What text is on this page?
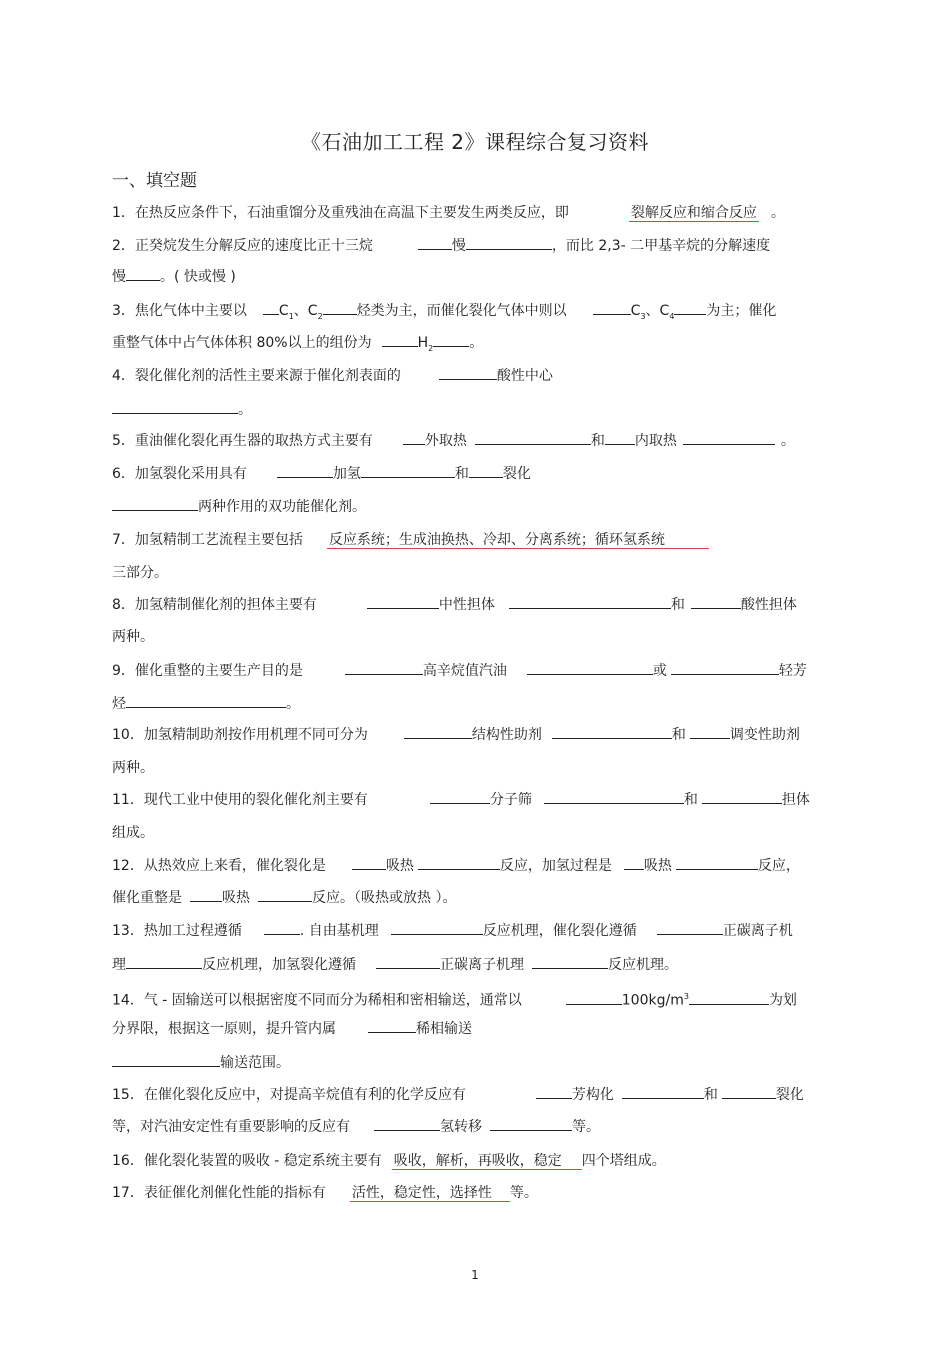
《石油加工工程 2》课程综合复习资料
一、填空题
1．在热反应条件下，石油重馏分及重残油在高温下主要发生两类反应，即	裂解反应和缩合反应 。
2．正癸烷发生分解反应的速度比正十三烷	慢	，而比 2,3- 二甲基辛烷的分解速度
慢 。( 快或慢 )
3．焦化气体中主要以 $C_1$、$C_2$ 烃类为主，而催化裂化气体中则以	$C_3$、$C_4$ 为主；催化
重整气体中占气体体积 80%以上的组份为	$H_2$	。
4．裂化催化剂的活性主要来源于催化剂表面的	酸性中心
。
5．重油催化裂化再生器的取热方式主要有	外取热	和 内取热	。
6．加氢裂化采用具有	加氢	和 裂化
两种作用的双功能催化剂。
7．加氢精制工艺流程主要包括 反应系统；生成油换热、冷却、分离系统；循环氢系统
三部分。
8．加氢精制催化剂的担体主要有	中性担体	和	酸性担体
两种。
9．催化重整的主要生产目的是	高辛烷值汽油	或	轻芳
烃	。
10．加氢精制助剂按作用机理不同可分为	结构性助剂	和	调变性助剂
两种。
11．现代工业中使用的裂化催化剂主要有	分子筛	和	担体
组成。
12．从热效应上来看，催化裂化是	吸热	反应，加氢过程是 吸热	反应，
催化重整是	吸热	反应。（吸热或放热 ）。
13．热加工过程遵循	. 自由基机理	反应机理，催化裂化遵循	正碳离子机
理	反应机理，加氢裂化遵循	正碳离子机理	反应机理。
14．气 - 固输送可以根据密度不同而分为稀相和密相输送，通常以	$100kg/m^3$	为划
分界限，根据这一原则，提升管内属	稀相输送
输送范围。
15．在催化裂化反应中，对提高辛烷值有利的化学反应有	芳构化	和	裂化
等，对汽油安定性有重要影响的反应有	氢转移	等。
16．催化裂化装置的吸收 - 稳定系统主要有 吸收，解析，再吸收，稳定 四个塔组成。
17．表征催化剂催化性能的指标有 活性，稳定性，选择性 等。
1
